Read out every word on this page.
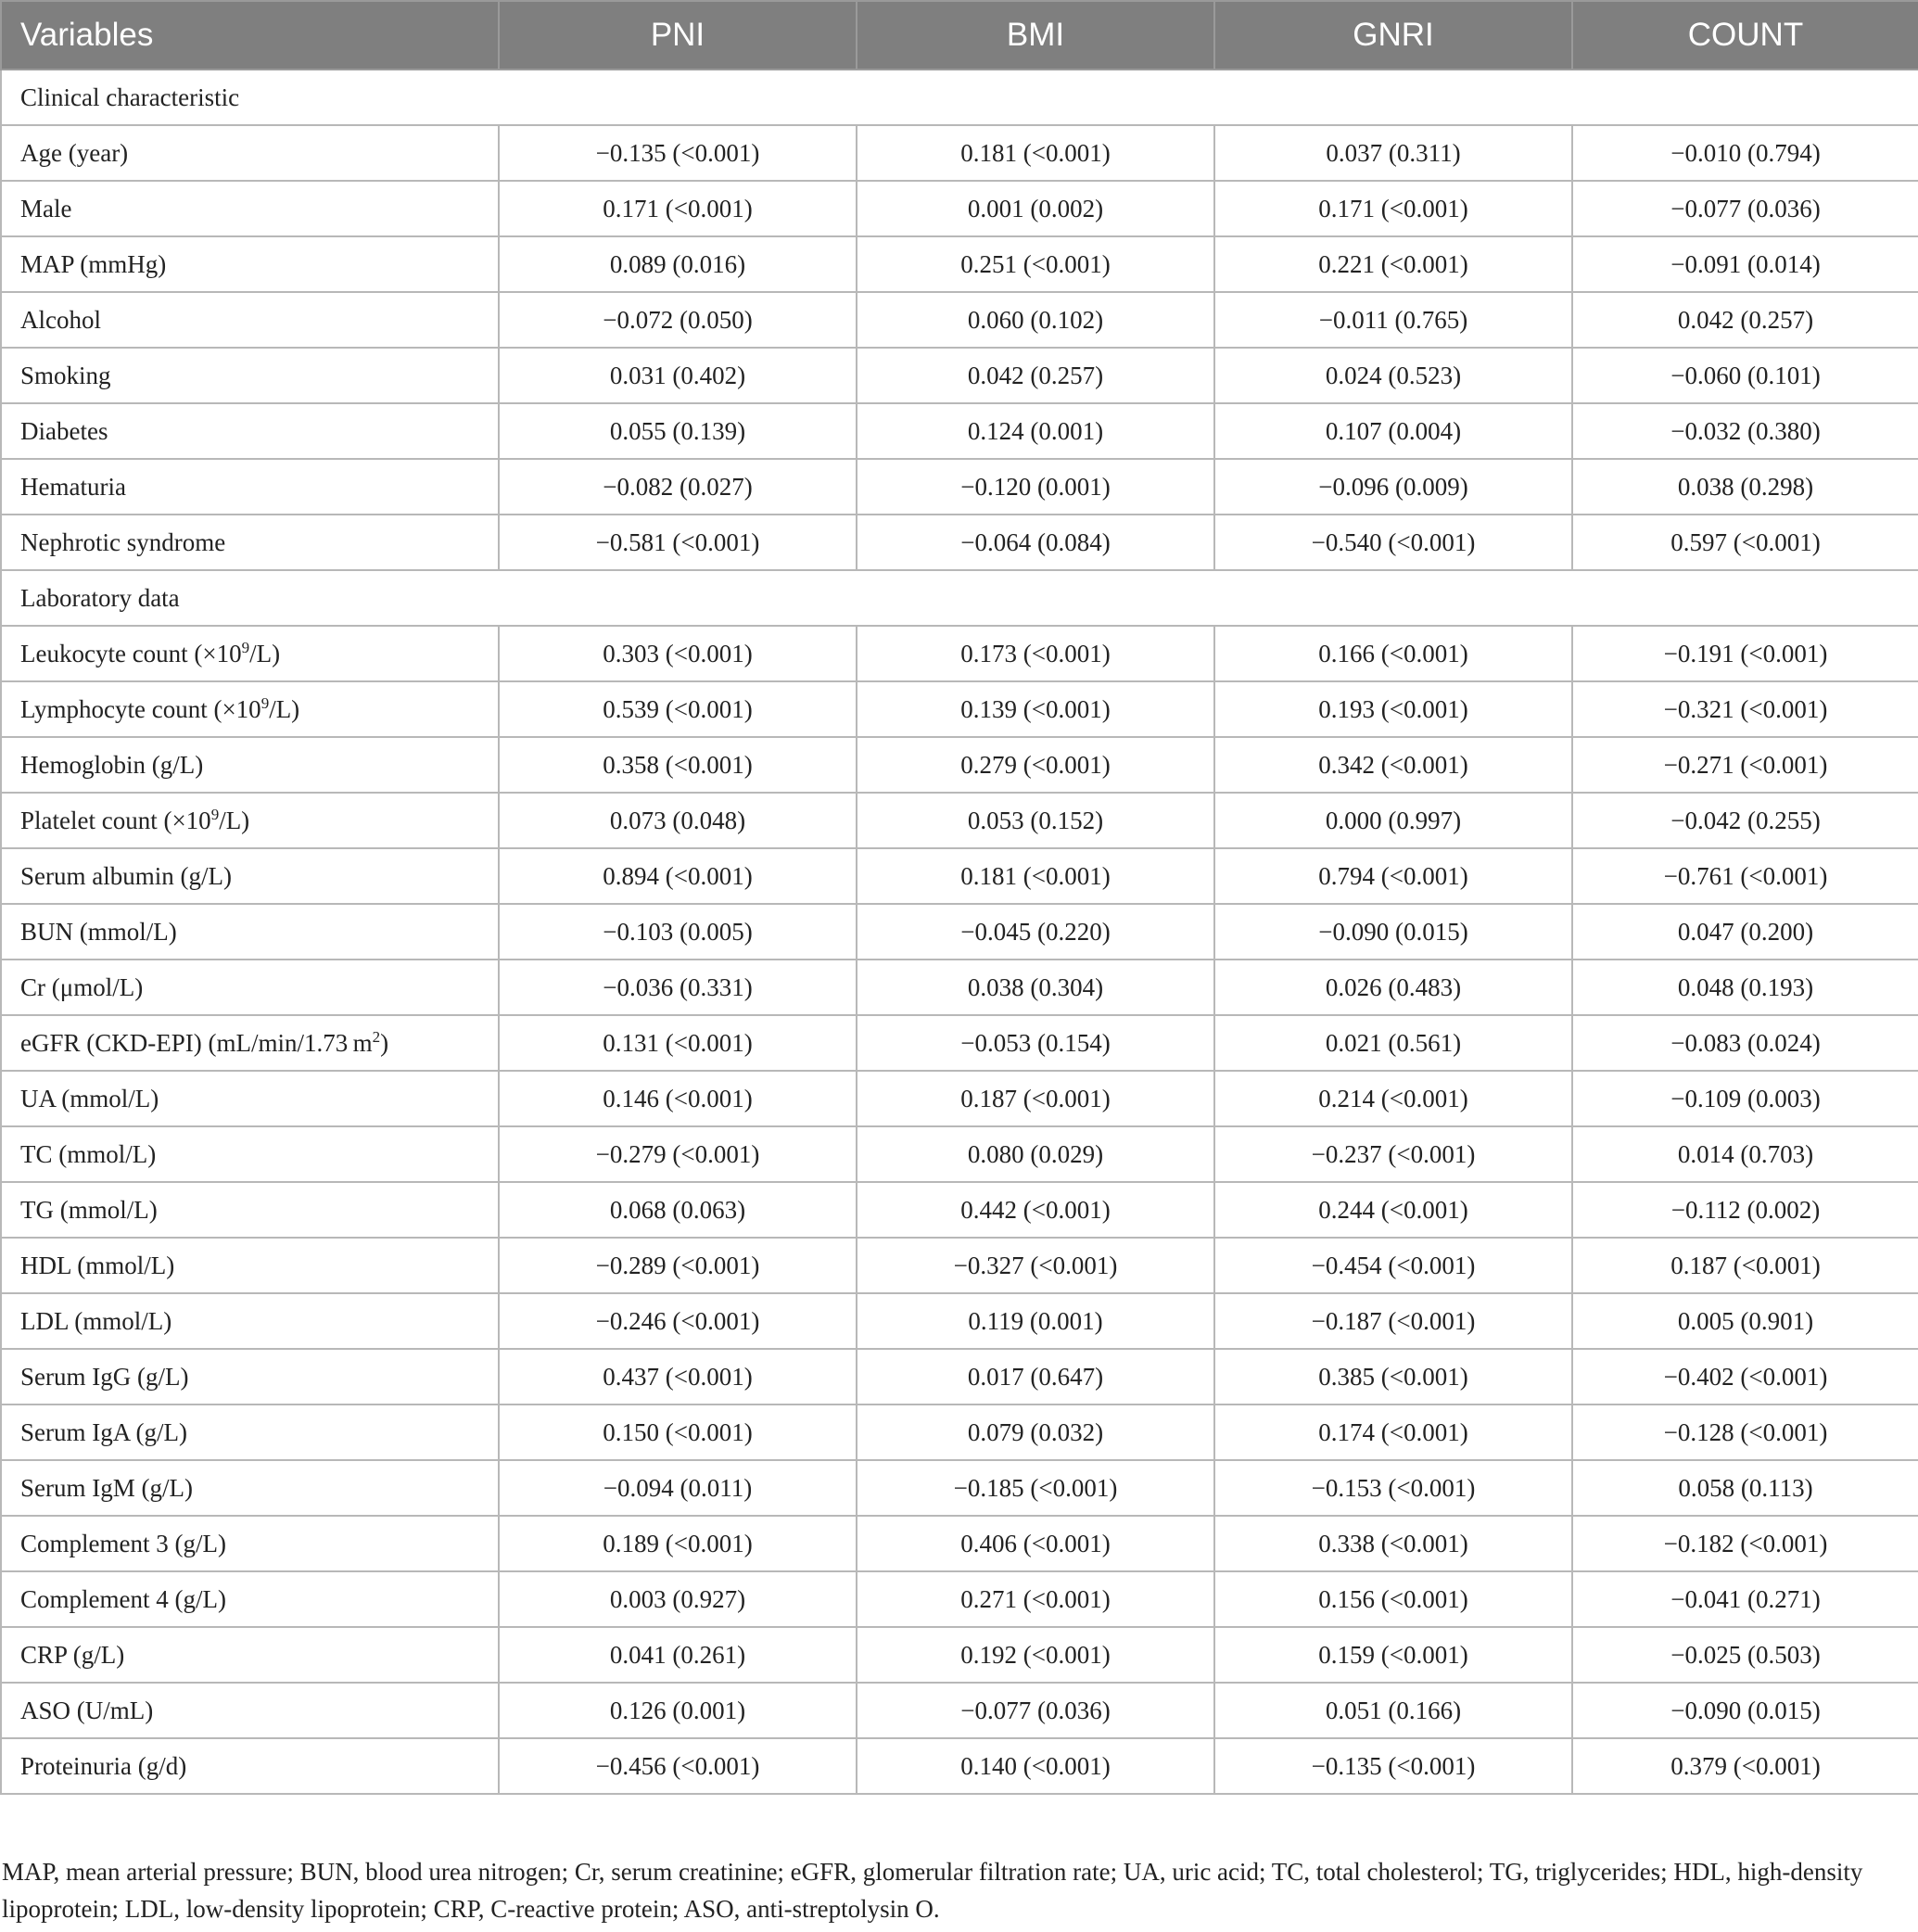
Variables	PNI	BMI	GNRI	COUNT
Clinical characteristic				
Age (year)	−0.135 (<0.001)	0.181 (<0.001)	0.037 (0.311)	−0.010 (0.794)
Male	0.171 (<0.001)	0.001 (0.002)	0.171 (<0.001)	−0.077 (0.036)
MAP (mmHg)	0.089 (0.016)	0.251 (<0.001)	0.221 (<0.001)	−0.091 (0.014)
Alcohol	−0.072 (0.050)	0.060 (0.102)	−0.011 (0.765)	0.042 (0.257)
Smoking	0.031 (0.402)	0.042 (0.257)	0.024 (0.523)	−0.060 (0.101)
Diabetes	0.055 (0.139)	0.124 (0.001)	0.107 (0.004)	−0.032 (0.380)
Hematuria	−0.082 (0.027)	−0.120 (0.001)	−0.096 (0.009)	0.038 (0.298)
Nephrotic syndrome	−0.581 (<0.001)	−0.064 (0.084)	−0.540 (<0.001)	0.597 (<0.001)
Laboratory data				
Leukocyte count $(\times 10^9/L)$	0.303 (<0.001)	0.173 (<0.001)	0.166 (<0.001)	−0.191 (<0.001)
Lymphocyte count $(\times 10^9/L)$	0.539 (<0.001)	0.139 (<0.001)	0.193 (<0.001)	−0.321 (<0.001)
Hemoglobin (g/L)	0.358 (<0.001)	0.279 (<0.001)	0.342 (<0.001)	−0.271 (<0.001)
Platelet count $(\times 10^9/L)$	0.073 (0.048)	0.053 (0.152)	0.000 (0.997)	−0.042 (0.255)
Serum albumin (g/L)	0.894 (<0.001)	0.181 (<0.001)	0.794 (<0.001)	−0.761 (<0.001)
BUN (mmol/L)	−0.103 (0.005)	−0.045 (0.220)	−0.090 (0.015)	0.047 (0.200)
Cr (μmol/L)	−0.036 (0.331)	0.038 (0.304)	0.026 (0.483)	0.048 (0.193)
eGFR (CKD-EPI) (mL/min/1.73 $m^2$)	0.131 (<0.001)	−0.053 (0.154)	0.021 (0.561)	−0.083 (0.024)
UA (mmol/L)	0.146 (<0.001)	0.187 (<0.001)	0.214 (<0.001)	−0.109 (0.003)
TC (mmol/L)	−0.279 (<0.001)	0.080 (0.029)	−0.237 (<0.001)	0.014 (0.703)
TG (mmol/L)	0.068 (0.063)	0.442 (<0.001)	0.244 (<0.001)	−0.112 (0.002)
HDL (mmol/L)	−0.289 (<0.001)	−0.327 (<0.001)	−0.454 (<0.001)	0.187 (<0.001)
LDL (mmol/L)	−0.246 (<0.001)	0.119 (0.001)	−0.187 (<0.001)	0.005 (0.901)
Serum IgG (g/L)	0.437 (<0.001)	0.017 (0.647)	0.385 (<0.001)	−0.402 (<0.001)
Serum IgA (g/L)	0.150 (<0.001)	0.079 (0.032)	0.174 (<0.001)	−0.128 (<0.001)
Serum IgM (g/L)	−0.094 (0.011)	−0.185 (<0.001)	−0.153 (<0.001)	0.058 (0.113)
Complement 3 (g/L)	0.189 (<0.001)	0.406 (<0.001)	0.338 (<0.001)	−0.182 (<0.001)
Complement 4 (g/L)	0.003 (0.927)	0.271 (<0.001)	0.156 (<0.001)	−0.041 (0.271)
CRP (g/L)	0.041 (0.261)	0.192 (<0.001)	0.159 (<0.001)	−0.025 (0.503)
ASO (U/mL)	0.126 (0.001)	−0.077 (0.036)	0.051 (0.166)	−0.090 (0.015)
Proteinuria (g/d)	−0.456 (<0.001)	0.140 (<0.001)	−0.135 (<0.001)	0.379 (<0.001)
MAP, mean arterial pressure; BUN, blood urea nitrogen; Cr, serum creatinine; eGFR, glomerular filtration rate; UA, uric acid; TC, total cholesterol; TG, triglycerides; HDL, high-density lipoprotein; LDL, low-density lipoprotein; CRP, C-reactive protein; ASO, anti-streptolysin O.
